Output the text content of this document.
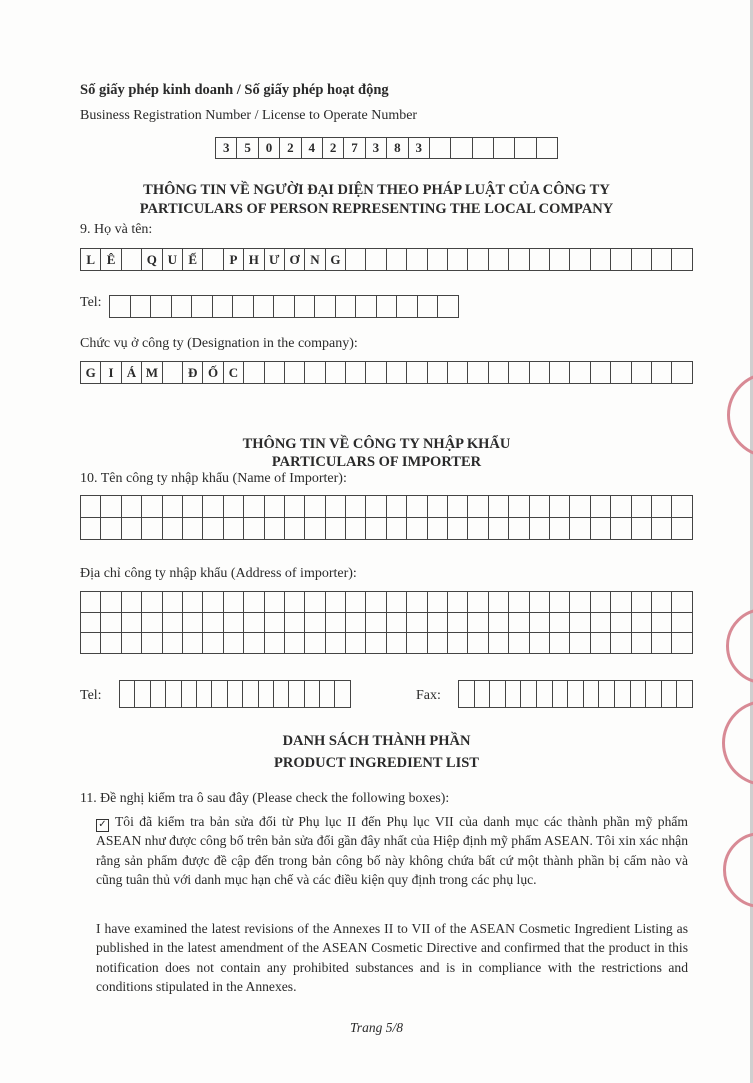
Số giấy phép kinh doanh / Số giấy phép hoạt động
Business Registration Number / License to Operate Number
3	5	0	2	4	2	7	3	8	3						
THÔNG TIN VỀ NGƯỜI ĐẠI DIỆN THEO PHÁP LUẬT CỦA CÔNG TY
PARTICULARS OF PERSON REPRESENTING THE LOCAL COMPANY
9. Họ và tên:
L	Ê		Q	U	Ế		P	H	Ư	Ơ	N	G																	
Tel:

Chức vụ ở công ty (Designation in the company):
G	I	Á	M		Đ	Ố	C																						
THÔNG TIN VỀ CÔNG TY NHẬP KHẨU
PARTICULARS OF IMPORTER
10. Tên công ty nhập khẩu (Name of Importer):

Địa chỉ công ty nhập khẩu (Address of importer):

Tel:
															Fax:

DANH SÁCH THÀNH PHẦN
PRODUCT INGREDIENT LIST
11. Đề nghị kiểm tra ô sau đây (Please check the following boxes):
✓ Tôi đã kiểm tra bản sửa đổi từ Phụ lục II đến Phụ lục VII của danh mục các thành phần mỹ phẩm ASEAN như được công bố trên bản sửa đổi gần đây nhất của Hiệp định mỹ phẩm ASEAN. Tôi xin xác nhận rằng sản phẩm được đề cập đến trong bản công bố này không chứa bất cứ một thành phần bị cấm nào và cũng tuân thủ với danh mục hạn chế và các điều kiện quy định trong các phụ lục.
I have examined the latest revisions of the Annexes II to VII of the ASEAN Cosmetic Ingredient Listing as published in the latest amendment of the ASEAN Cosmetic Directive and confirmed that the product in this notification does not contain any prohibited substances and is in compliance with the restrictions and conditions stipulated in the Annexes.
Trang 5/8
